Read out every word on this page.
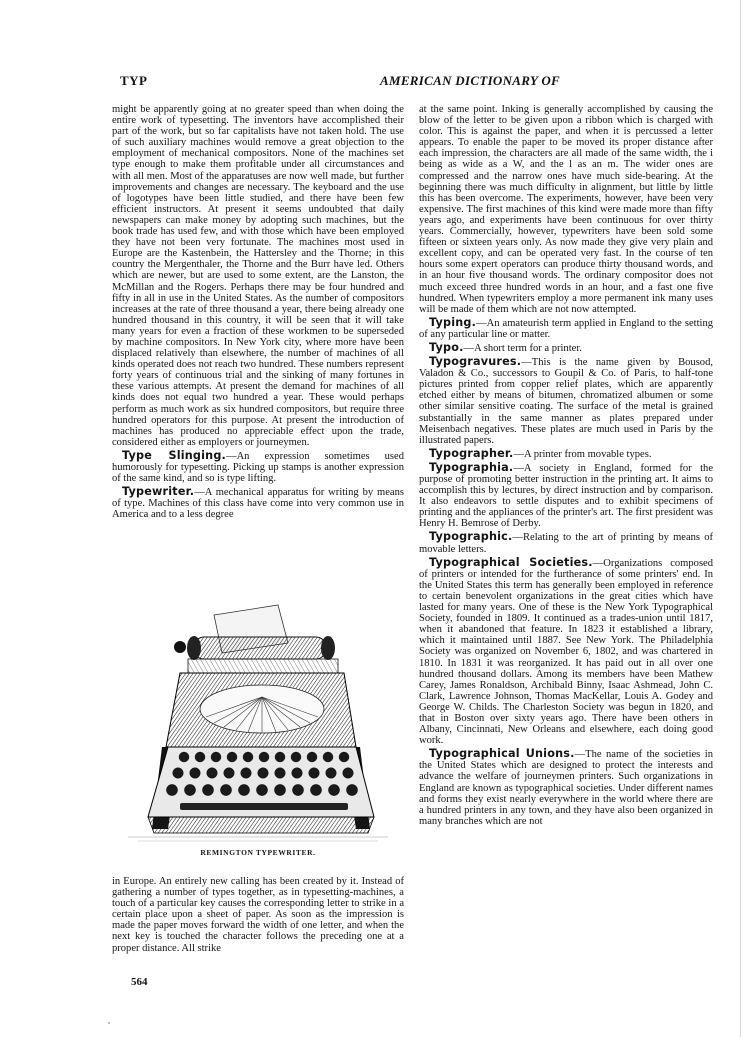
TYP	AMERICAN DICTIONARY OF

might be apparently going at no greater speed than when doing the entire work of typesetting. The inventors have accomplished their part of the work, but so far capitalists have not taken hold. The use of such auxiliary machines would remove a great objection to the employment of mechanical compositors. None of the machines set type enough to make them profitable under all circumstances and with all men. Most of the apparatuses are now well made, but further improvements and changes are necessary. The keyboard and the use of logotypes have been little studied, and there have been few efficient instructors. At present it seems undoubted that daily newspapers can make money by adopting such machines, but the book trade has used few, and with those which have been employed they have not been very fortunate. The machines most used in Europe are the Kastenbein, the Hattersley and the Thorne; in this country the Mergenthaler, the Thorne and the Burr have led. Others which are newer, but are used to some extent, are the Lanston, the McMillan and the Rogers. Perhaps there may be four hundred and fifty in all in use in the United States. As the number of compositors increases at the rate of three thousand a year, there being already one hundred thousand in this country, it will be seen that it will take many years for even a fraction of these workmen to be superseded by machine compositors. In New York city, where more have been displaced relatively than elsewhere, the number of machines of all kinds operated does not reach two hundred. These numbers represent forty years of continuous trial and the sinking of many fortunes in these various attempts. At present the demand for machines of all kinds does not equal two hundred a year. These would perhaps perform as much work as six hundred compositors, but require three hundred operators for this purpose. At present the introduction of machines has produced no appreciable effect upon the trade, considered either as employers or journeymen.

Type Slinging.—An expression sometimes used humorously for typesetting. Picking up stamps is another expression of the same kind, and so is type lifting.

Typewriter.—A mechanical apparatus for writing by means of type. Machines of this class have come into very common use in America and to a less degree

REMINGTON TYPEWRITER.

in Europe. An entirely new calling has been created by it. Instead of gathering a number of types together, as in typesetting-machines, a touch of a particular key causes the corresponding letter to strike in a certain place upon a sheet of paper. As soon as the impression is made the paper moves forward the width of one letter, and when the next key is touched the character follows the preceding one at a proper distance. All strike

at the same point. Inking is generally accomplished by causing the blow of the letter to be given upon a ribbon which is charged with color. This is against the paper, and when it is percussed a letter appears. To enable the paper to be moved its proper distance after each impression, the characters are all made of the same width, the i being as wide as a W, and the l as an m. The wider ones are compressed and the narrow ones have much side-bearing. At the beginning there was much difficulty in alignment, but little by little this has been overcome. The experiments, however, have been very expensive. The first machines of this kind were made more than fifty years ago, and experiments have been continuous for over thirty years. Commercially, however, typewriters have been sold some fifteen or sixteen years only. As now made they give very plain and excellent copy, and can be operated very fast. In the course of ten hours some expert operators can produce thirty thousand words, and in an hour five thousand words. The ordinary compositor does not much exceed three hundred words in an hour, and a fast one five hundred. When typewriters employ a more permanent ink many uses will be made of them which are not now attempted.

Typing.—An amateurish term applied in England to the setting of any particular line or matter.

Typo.—A short term for a printer.

Typogravures.—This is the name given by Bousod, Valadon & Co., successors to Goupil & Co. of Paris, to half-tone pictures printed from copper relief plates, which are apparently etched either by means of bitumen, chromatized albumen or some other similar sensitive coating. The surface of the metal is grained substantially in the same manner as plates prepared under Meisenbach negatives. These plates are much used in Paris by the illustrated papers.

Typographer.—A printer from movable types.

Typographia.—A society in England, formed for the purpose of promoting better instruction in the printing art. It aims to accomplish this by lectures, by direct instruction and by comparison. It also endeavors to settle disputes and to exhibit specimens of printing and the appliances of the printer's art. The first president was Henry H. Bemrose of Derby.

Typographic.—Relating to the art of printing by means of movable letters.

Typographical Societies.—Organizations composed of printers or intended for the furtherance of some printers' end. In the United States this term has generally been employed in reference to certain benevolent organizations in the great cities which have lasted for many years. One of these is the New York Typographical Society, founded in 1809. It continued as a trades-union until 1817, when it abandoned that feature. In 1823 it established a library, which it maintained until 1887. See New York. The Philadelphia Society was organized on November 6, 1802, and was chartered in 1810. In 1831 it was reorganized. It has paid out in all over one hundred thousand dollars. Among its members have been Mathew Carey, James Ronaldson, Archibald Binny, Isaac Ashmead, John C. Clark, Lawrence Johnson, Thomas MacKellar, Louis A. Godey and George W. Childs. The Charleston Society was begun in 1820, and that in Boston over sixty years ago. There have been others in Albany, Cincinnati, New Orleans and elsewhere, each doing good work.

Typographical Unions.—The name of the societies in the United States which are designed to protect the interests and advance the welfare of journeymen printers. Such organizations in England are known as typographical societies. Under different names and forms they exist nearly everywhere in the world where there are a hundred printers in any town, and they have also been organized in many branches which are not

564
